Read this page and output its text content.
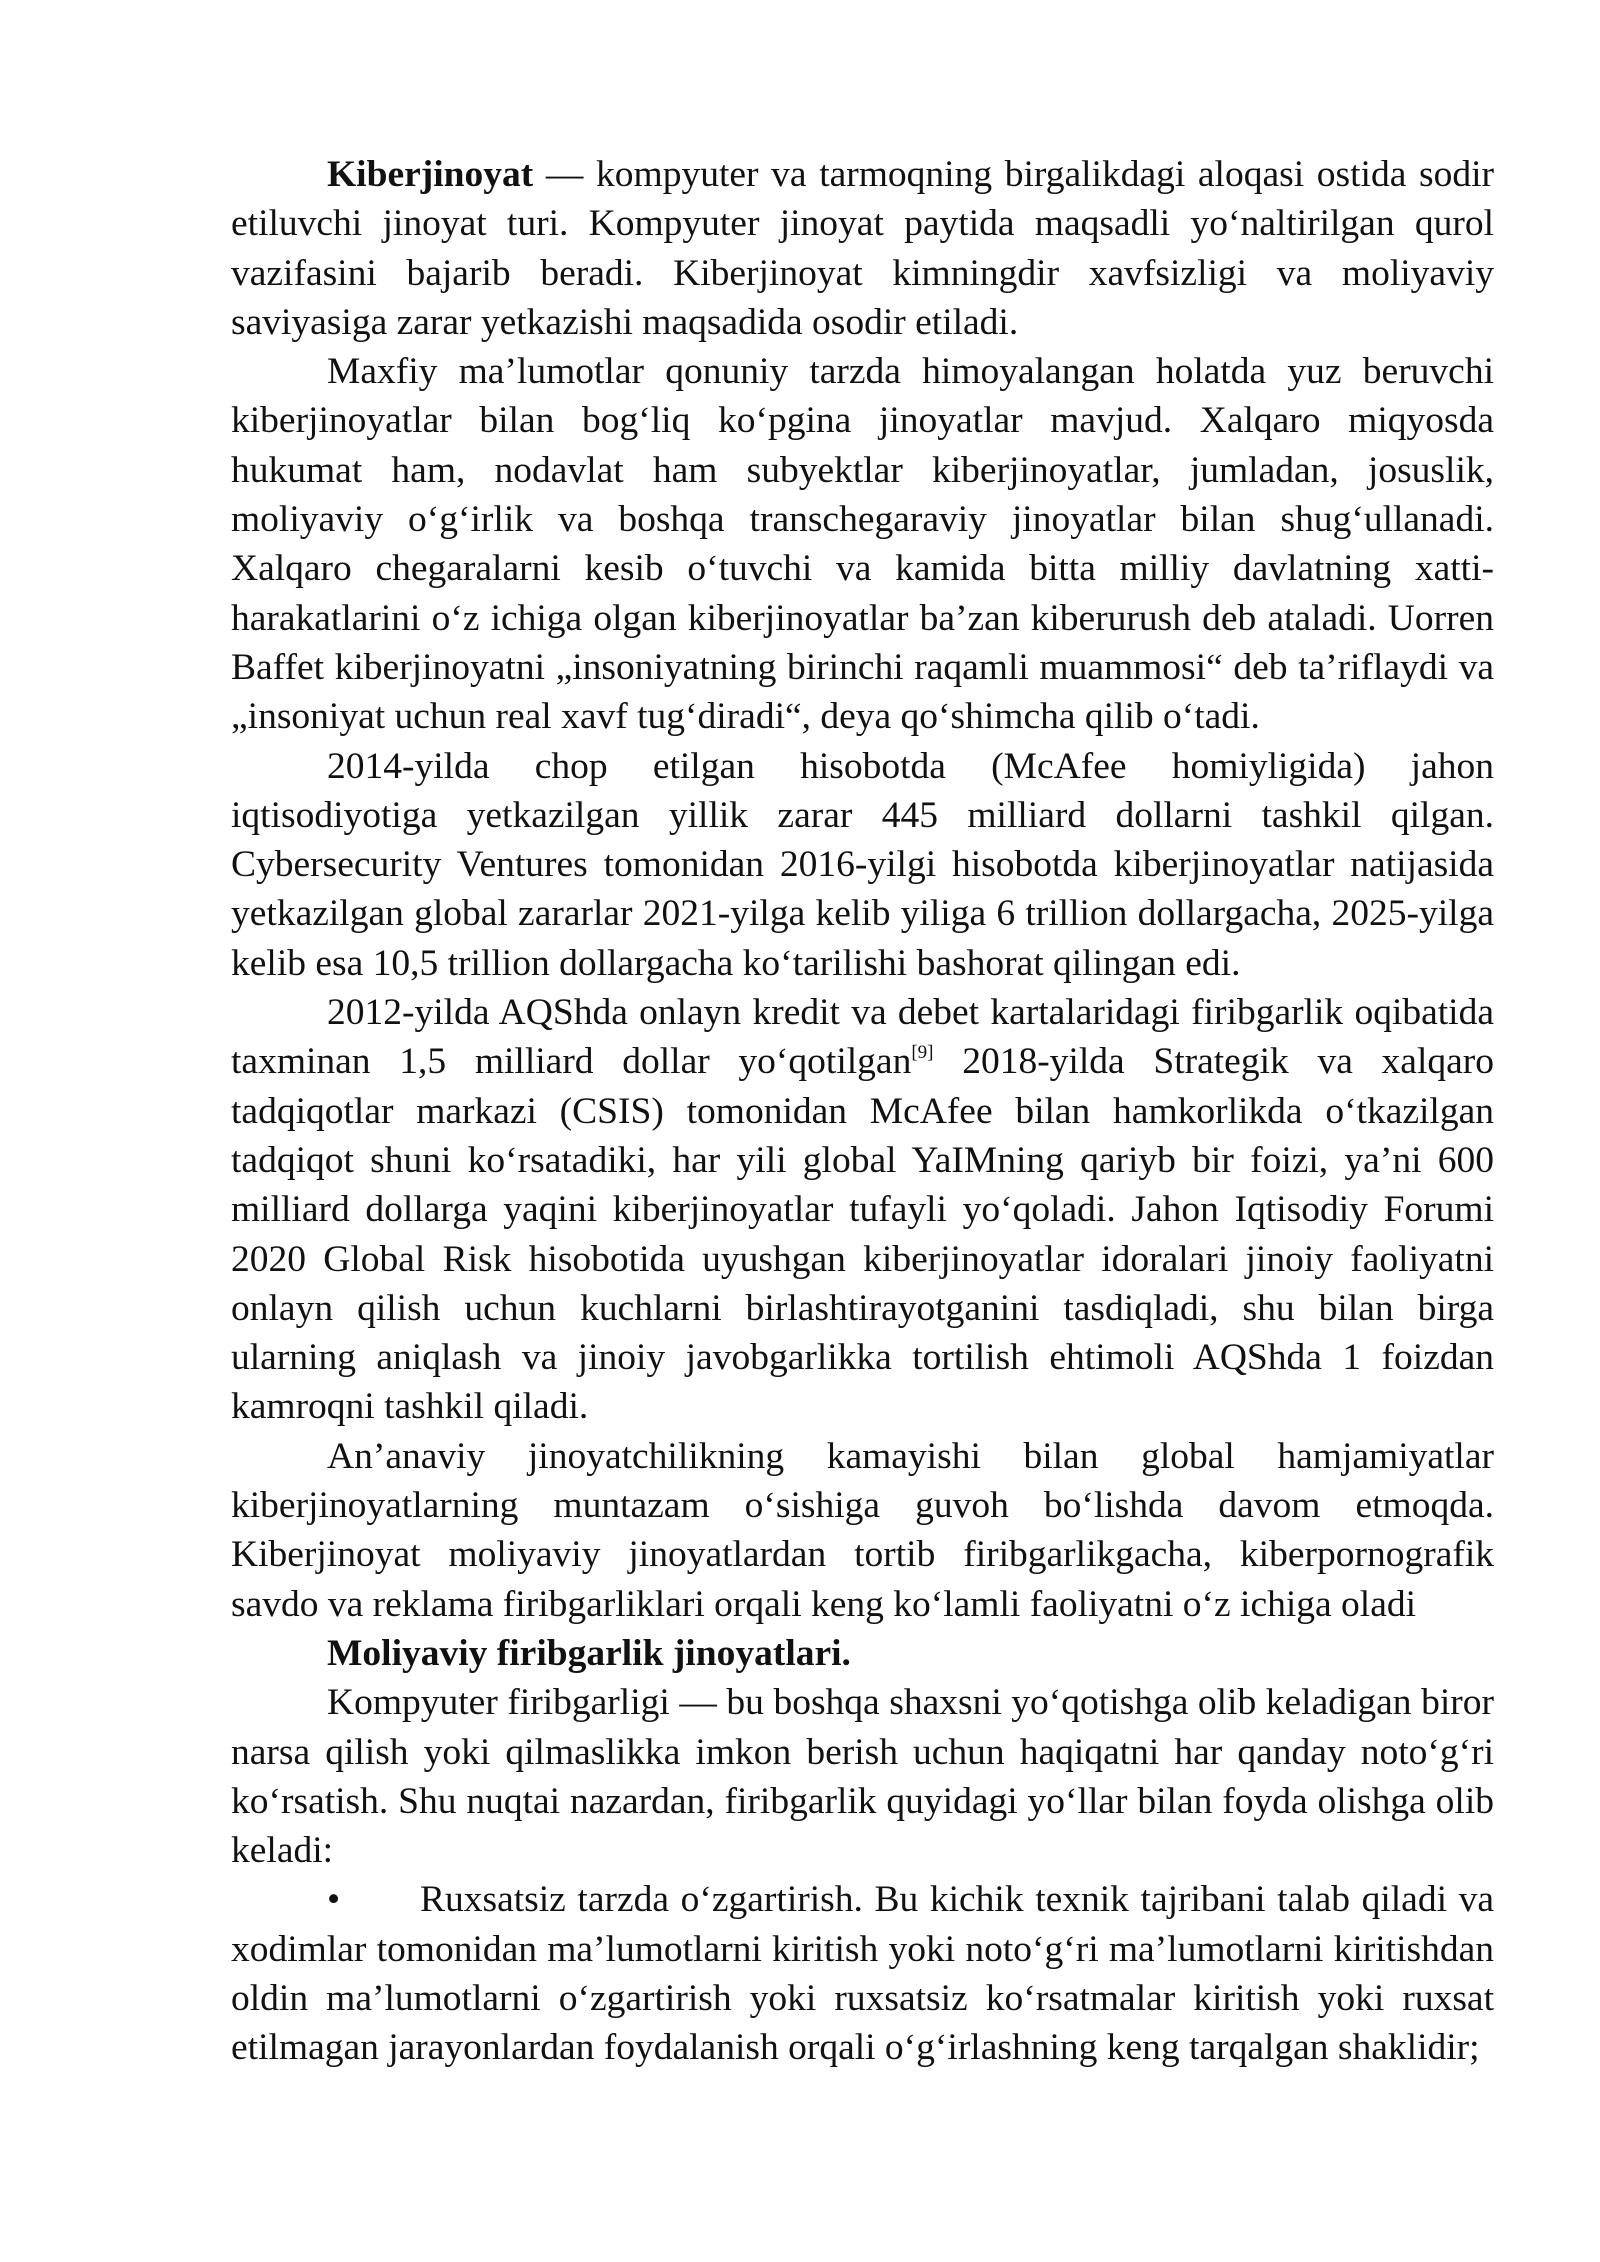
Kiberjinoyat — kompyuter va tarmoqning birgalikdagi aloqasi ostida sodir etiluvchi jinoyat turi. Kompyuter jinoyat paytida maqsadli yoʻnaltirilgan qurol vazifasini bajarib beradi. Kiberjinoyat kimningdir xavfsizligi va moliyaviy saviyasiga zarar yetkazishi maqsadida osodir etiladi.

Maxfiy maʼlumotlar qonuniy tarzda himoyalangan holatda yuz beruvchi kiberjinoyatlar bilan bogʻliq koʻpgina jinoyatlar mavjud. Xalqaro miqyosda hukumat ham, nodavlat ham subyektlar kiberjinoyatlar, jumladan, josuslik, moliyaviy oʻgʻirlik va boshqa transchegaraviy jinoyatlar bilan shugʻullanadi. Xalqaro chegaralarni kesib oʻtuvchi va kamida bitta milliy davlatning xatti-harakatlarini oʻz ichiga olgan kiberjinoyatlar baʼzan kiberurush deb ataladi. Uorren Baffet kiberjinoyatni „insoniyatning birinchi raqamli muammosi“ deb taʼriflaydi va „insoniyat uchun real xavf tugʻdiradi“, deya qoʻshimcha qilib oʻtadi.

2014-yilda chop etilgan hisobotda (McAfee homiyligida) jahon iqtisodiyotiga yetkazilgan yillik zarar 445 milliard dollarni tashkil qilgan. Cybersecurity Ventures tomonidan 2016-yilgi hisobotda kiberjinoyatlar natijasida yetkazilgan global zararlar 2021-yilga kelib yiliga 6 trillion dollargacha, 2025-yilga kelib esa 10,5 trillion dollargacha koʻtarilishi bashorat qilingan edi.

2012-yilda AQShda onlayn kredit va debet kartalaridagi firibgarlik oqibatida taxminan 1,5 milliard dollar yoʻqotilgan[9] 2018-yilda Strategik va xalqaro tadqiqotlar markazi (CSIS) tomonidan McAfee bilan hamkorlikda oʻtkazilgan tadqiqot shuni koʻrsatadiki, har yili global YaIMning qariyb bir foizi, yaʼni 600 milliard dollarga yaqini kiberjinoyatlar tufayli yoʻqoladi. Jahon Iqtisodiy Forumi 2020 Global Risk hisobotida uyushgan kiberjinoyatlar idoralari jinoiy faoliyatni onlayn qilish uchun kuchlarni birlashtirayotganini tasdiqladi, shu bilan birga ularning aniqlash va jinoiy javobgarlikka tortilish ehtimoli AQShda 1 foizdan kamroqni tashkil qiladi.

Anʼanaviy jinoyatchilikning kamayishi bilan global hamjamiyatlar kiberjinoyatlarning muntazam oʻsishiga guvoh boʻlishda davom etmoqda. Kiberjinoyat moliyaviy jinoyatlardan tortib firibgarlikgacha, kiberpornografik savdo va reklama firibgarliklari orqali keng koʻlamli faoliyatni oʻz ichiga oladi

Moliyaviy firibgarlik jinoyatlari.

Kompyuter firibgarligi — bu boshqa shaxsni yoʻqotishga olib keladigan biror narsa qilish yoki qilmaslikka imkon berish uchun haqiqatni har qanday notoʻgʻri koʻrsatish. Shu nuqtai nazardan, firibgarlik quyidagi yoʻllar bilan foyda olishga olib keladi:

• Ruxsatsiz tarzda oʻzgartirish. Bu kichik texnik tajribani talab qiladi va xodimlar tomonidan maʼlumotlarni kiritish yoki notoʻgʻri maʼlumotlarni kiritishdan oldin maʼlumotlarni oʻzgartirish yoki ruxsatsiz koʻrsatmalar kiritish yoki ruxsat etilmagan jarayonlardan foydalanish orqali oʻgʻirlashning keng tarqalgan shaklidir;
